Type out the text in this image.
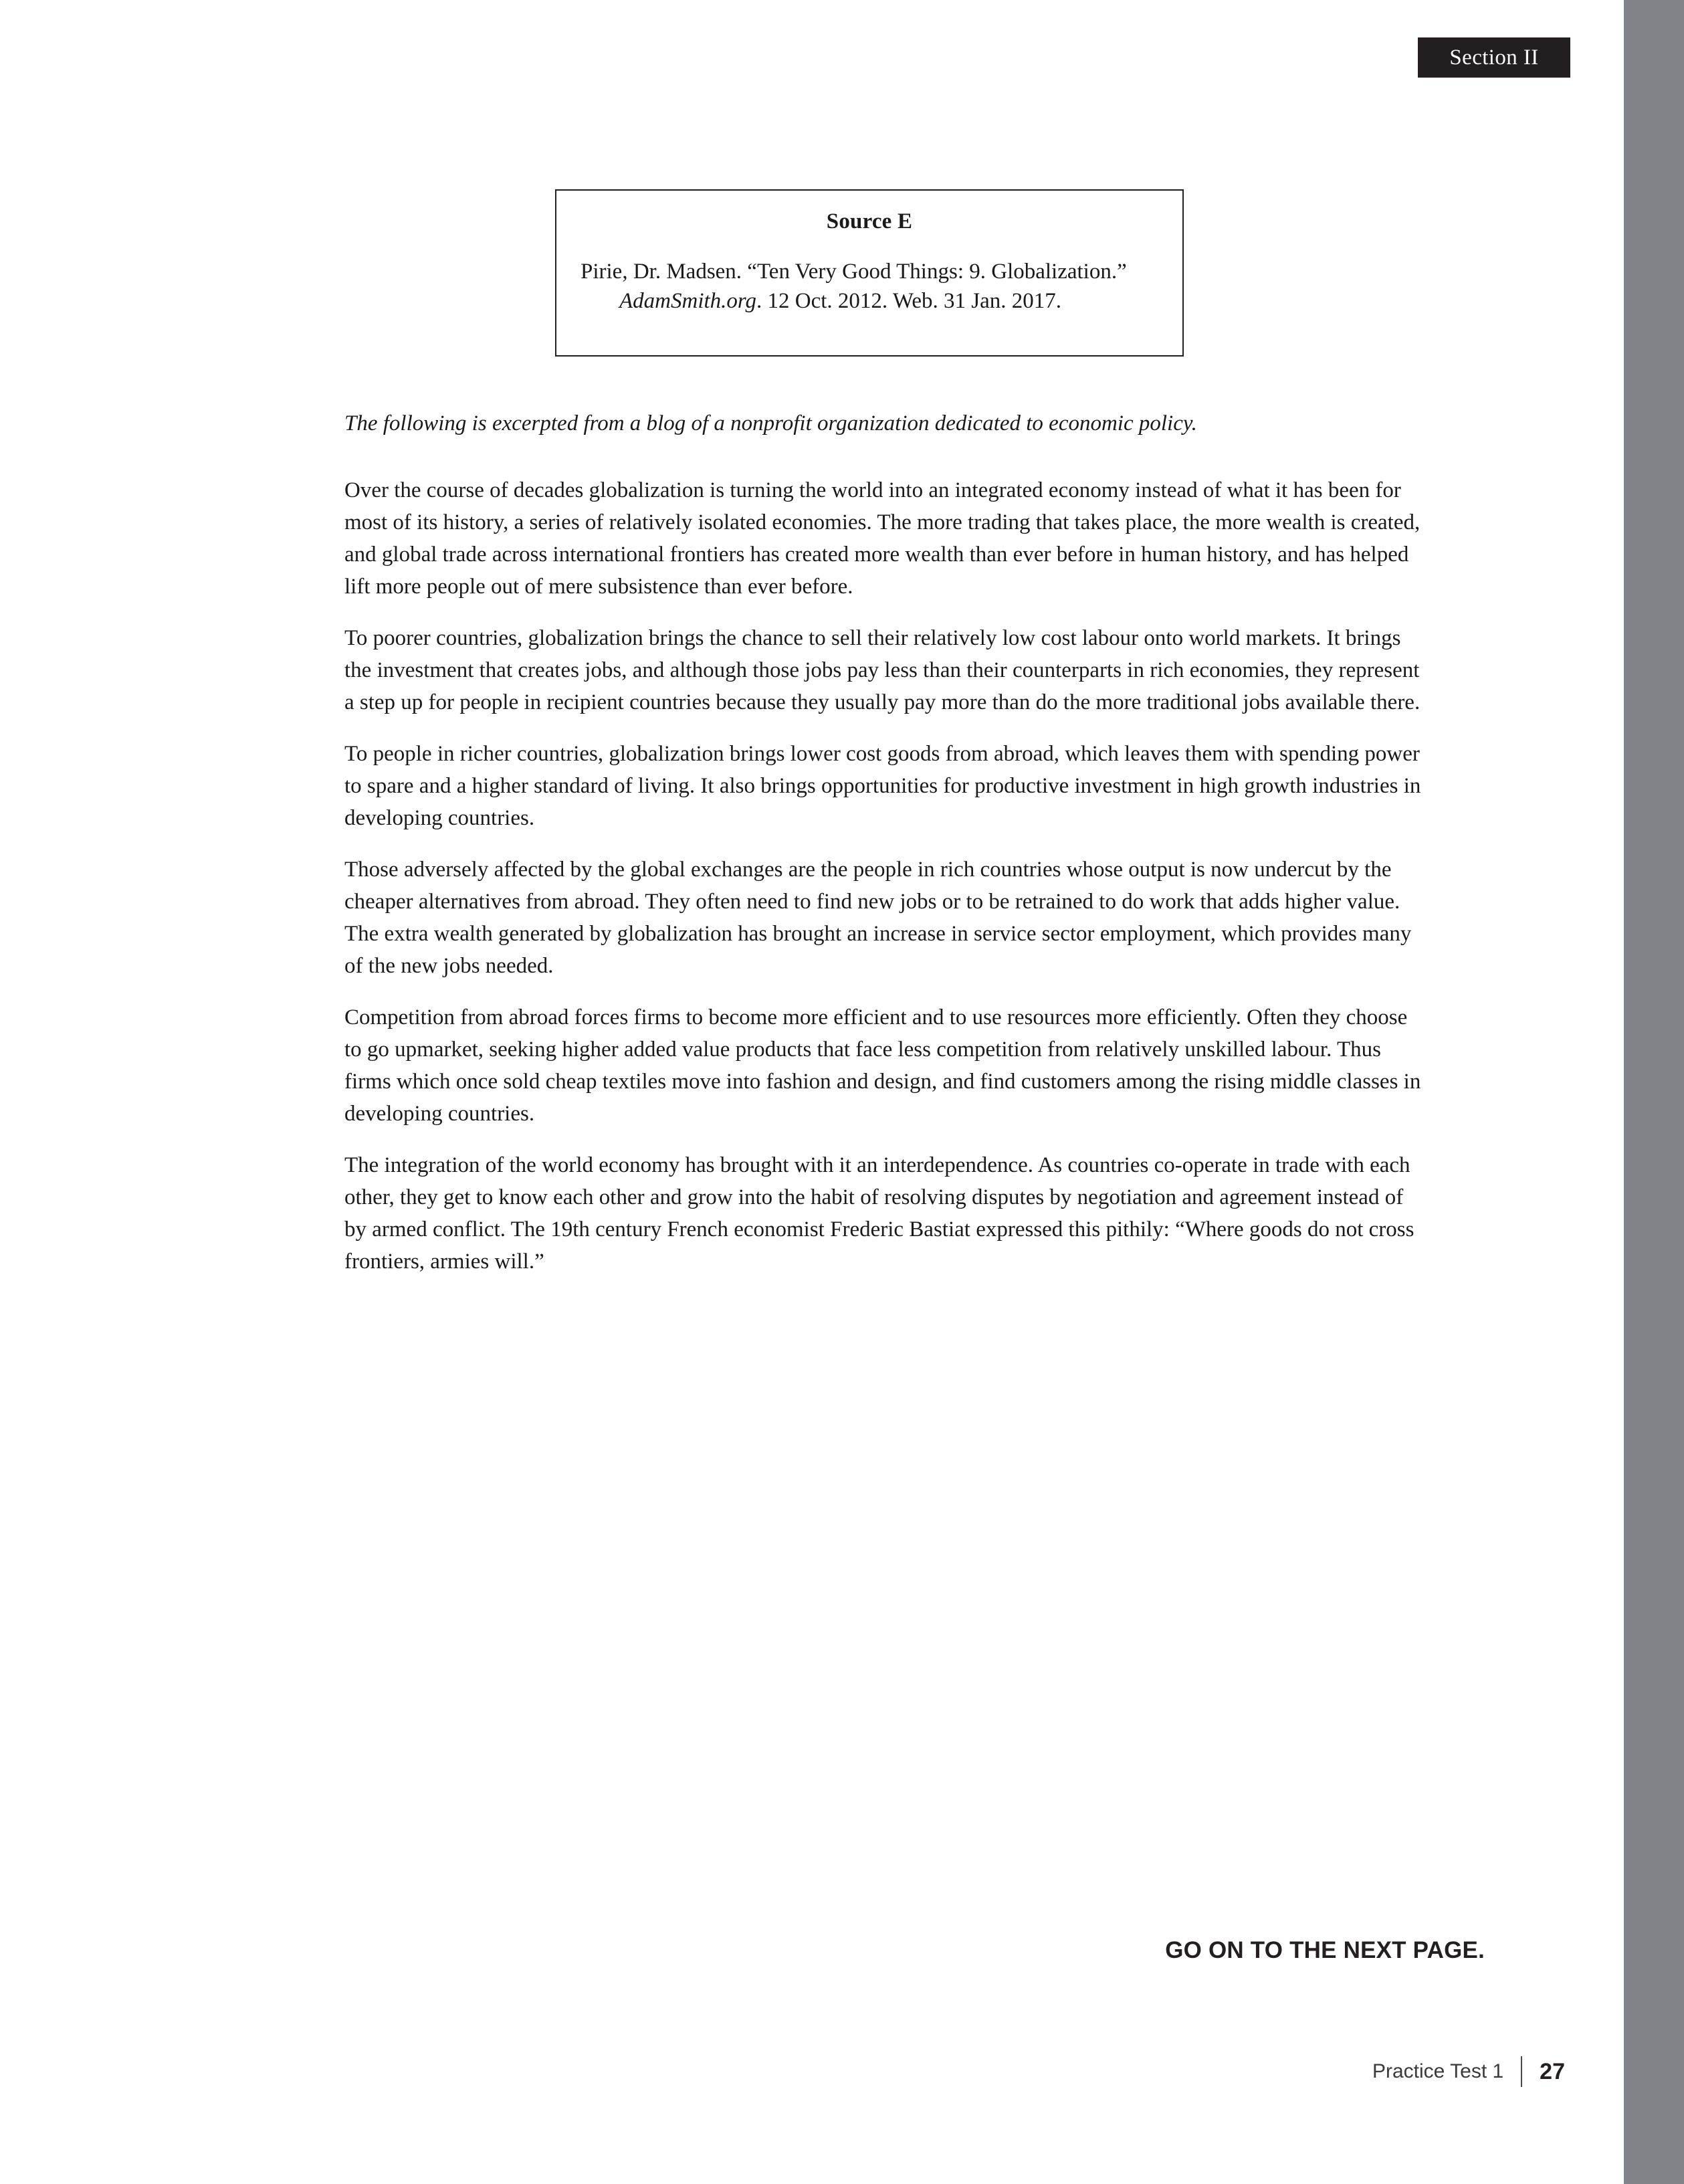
Section II
Source E
Pirie, Dr. Madsen. “Ten Very Good Things: 9. Globalization.” AdamSmith.org. 12 Oct. 2012. Web. 31 Jan. 2017.

The following is excerpted from a blog of a nonprofit organization dedicated to economic policy.

Over the course of decades globalization is turning the world into an integrated economy instead of what it has been for most of its history, a series of relatively isolated economies. The more trading that takes place, the more wealth is created, and global trade across international frontiers has created more wealth than ever before in human history, and has helped lift more people out of mere subsistence than ever before.

To poorer countries, globalization brings the chance to sell their relatively low cost labour onto world markets. It brings the investment that creates jobs, and although those jobs pay less than their counterparts in rich economies, they represent a step up for people in recipient countries because they usually pay more than do the more traditional jobs available there.

To people in richer countries, globalization brings lower cost goods from abroad, which leaves them with spending power to spare and a higher standard of living. It also brings opportunities for productive investment in high growth industries in developing countries.

Those adversely affected by the global exchanges are the people in rich countries whose output is now undercut by the cheaper alternatives from abroad. They often need to find new jobs or to be retrained to do work that adds higher value. The extra wealth generated by globalization has brought an increase in service sector employment, which provides many of the new jobs needed.

Competition from abroad forces firms to become more efficient and to use resources more efficiently. Often they choose to go upmarket, seeking higher added value products that face less competition from relatively unskilled labour. Thus firms which once sold cheap textiles move into fashion and design, and find customers among the rising middle classes in developing countries.

The integration of the world economy has brought with it an interdependence. As countries co-operate in trade with each other, they get to know each other and grow into the habit of resolving disputes by negotiation and agreement instead of by armed conflict. The 19th century French economist Frederic Bastiat expressed this pithily: “Where goods do not cross frontiers, armies will.”

GO ON TO THE NEXT PAGE.
Practice Test 1 27
